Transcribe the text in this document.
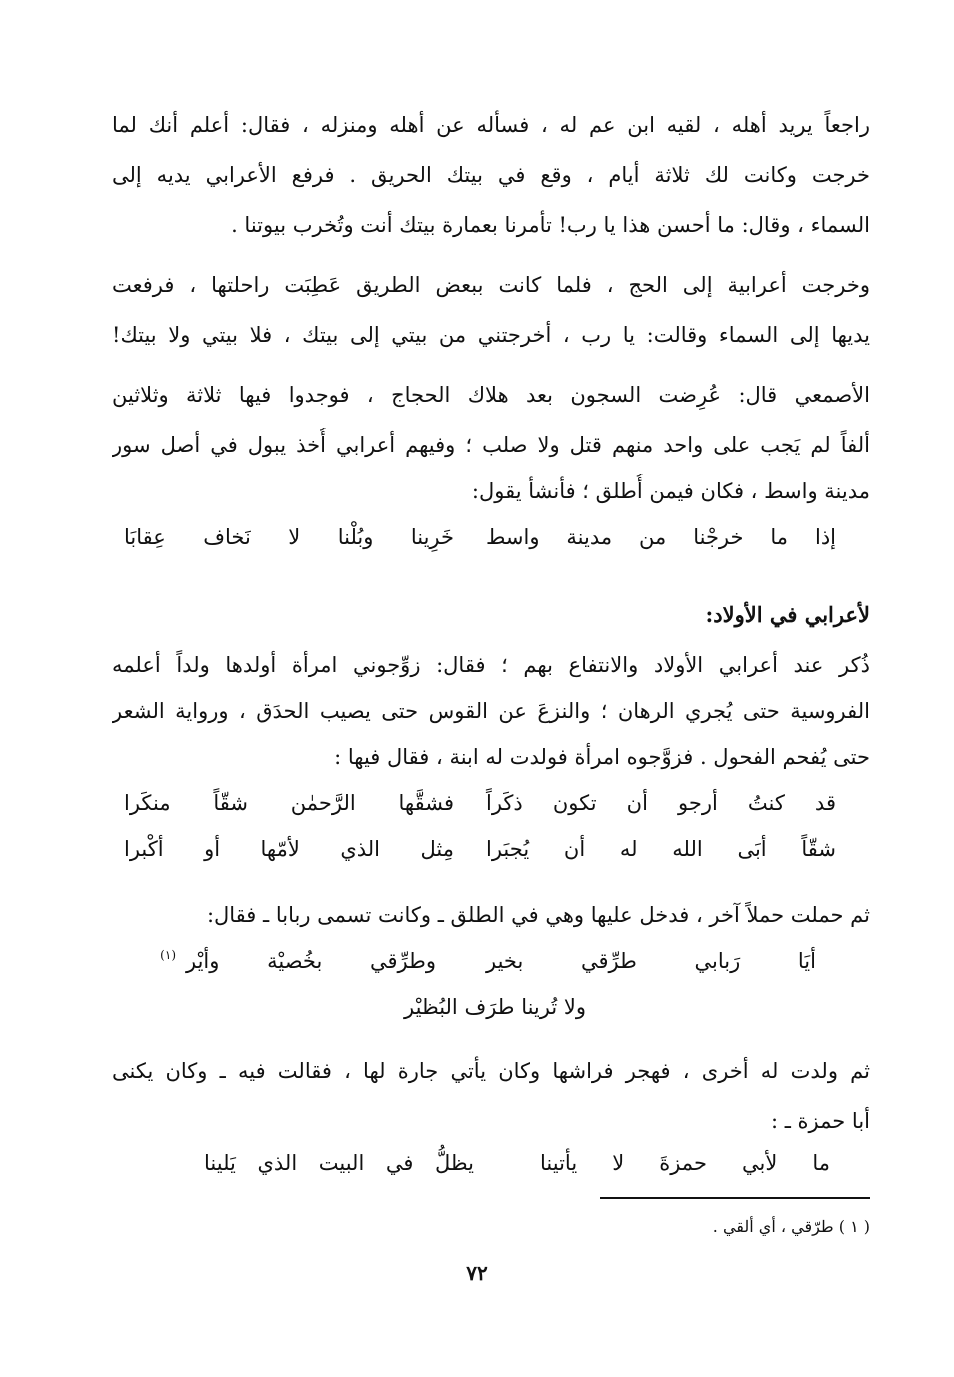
راجعاً يريد أهله ، لقيه ابن عم له ، فسأله عن أهله ومنزله ، فقال: أعلم أنك لما
خرجت وكانت لك ثلاثة أيام ، وقع في بيتك الحريق . فرفع الأعرابي يديه إلى
السماء ، وقال: ما أحسن هذا يا رب! تأمرنا بعمارة بيتك أنت وتُخرب بيوتنا .
وخرجت أعرابية إلى الحج ، فلما كانت ببعض الطريق عَطِبَت راحلتها ، فرفعت
يديها إلى السماء وقالت: يا رب ، أخرجتني من بيتي إلى بيتك ، فلا بيتي ولا بيتك!
الأصمعي قال: عُرِضت السجون بعد هلاك الحجاج ، فوجدوا فيها ثلاثة وثلاثين
ألفاً لم يَجب على واحد منهم قتل ولا صلب ؛ وفيهم أعرابي أُخذ يبول في أصل سور
مدينة واسط ، فكان فيمن أُطلق ؛ فأنشأ يقول:
إذا ما خرجْنا من مدينة واسط
خَرِينا وبُلْنا لا نَخاف عِقابَا
لأعرابي في الأولاد:
ذُكر عند أعرابي الأولاد والانتفاع بهم ؛ فقال: زوِّجوني امرأة أولدها ولداً أعلمه
الفروسية حتى يُجري الرهان ؛ والنزعَ عن القوس حتى يصيب الحدَق ، ورواية الشعر
حتى يُفحم الفحول . فزوَّجوه امرأة فولدت له ابنة ، فقال فيها :
قد كنتُ أرجو أن تكون ذكَراً
فشقَّها الرَّحمٰن شقّاً منكَرا
شقّاً أبَى الله له أن يُجبَرا
مِثل الذي لأمّها أو أكْبرا
ثم حملت حملاً آخر ، فدخل عليها وهي في الطلق ـ وكانت تسمى ربابا ـ فقال:
أيَا رَبابي طرِّقي بخير
وطرِّقي بخُصيْة وأيْر
(١)
ولا تُرينا طرَف البُظيْر
ثم ولدت له أخرى ، فهجر فراشها وكان يأتي جارة لها ، فقالت فيه ـ وكان يكنى
أبا حمزة ـ :
ما لأبي حمزةَ لا يأتينا
يظلُّ في البيت الذي يَلينا
( ١ ) طرّقي ، أي ألقي .
٧٢
